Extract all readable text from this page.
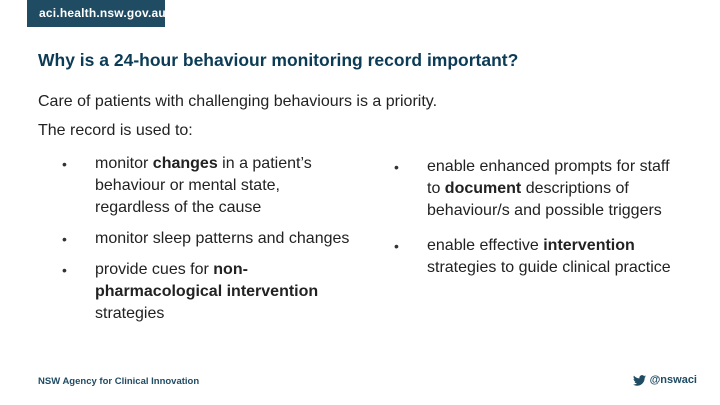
aci.health.nsw.gov.au
Why is a 24-hour behaviour monitoring record important?

Care of patients with challenging behaviours is a priority.

The record is used to:

• monitor changes in a patient’s behaviour or mental state, regardless of the cause
• monitor sleep patterns and changes
• provide cues for non-pharmacological intervention strategies
• enable enhanced prompts for staff to document descriptions of behaviour/s and possible triggers
• enable effective intervention strategies to guide clinical practice
NSW Agency for Clinical Innovation	@nswaci
